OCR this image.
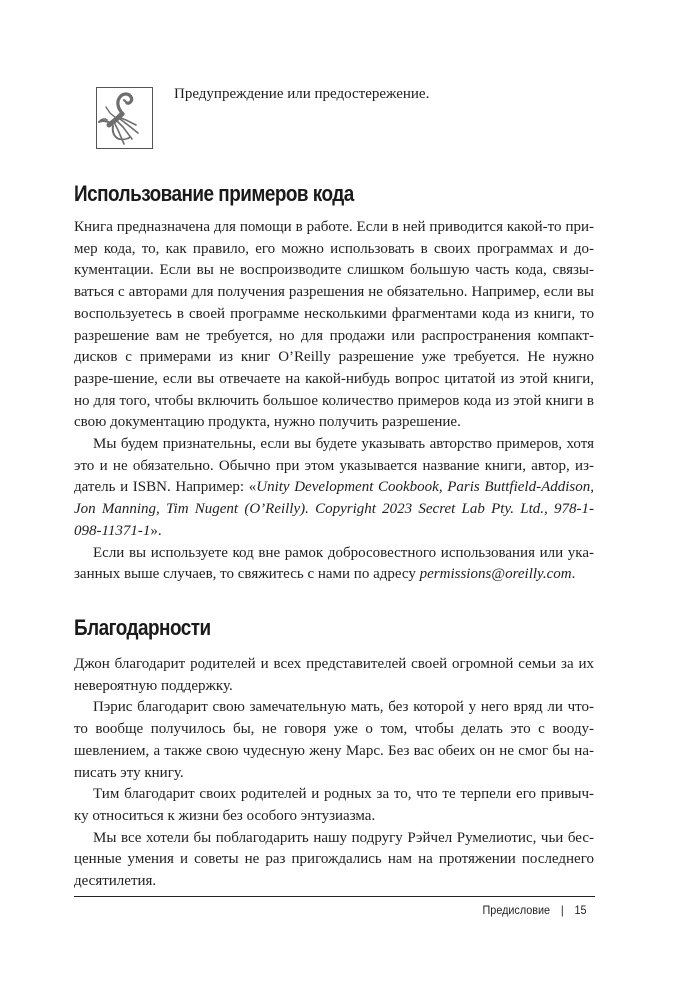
Предупреждение или предостережение.

Использование примеров кода

Книга предназначена для помощи в работе. Если в ней приводится какой-то при-мер кода, то, как правило, его можно использовать в своих программах и до-кументации. Если вы не воспроизводите слишком большую часть кода, связы-ваться с авторами для получения разрешения не обязательно. Например, если вы воспользуетесь в своей программе несколькими фрагментами кода из книги, то разрешение вам не требуется, но для продажи или распространения компакт-дисков с примерами из книг O’Reilly разрешение уже требуется. Не нужно разре-шение, если вы отвечаете на какой-нибудь вопрос цитатой из этой книги, но для того, чтобы включить большое количество примеров кода из этой книги в свою документацию продукта, нужно получить разрешение.

Мы будем признательны, если вы будете указывать авторство примеров, хотя это и не обязательно. Обычно при этом указывается название книги, автор, из-датель и ISBN. Например: «Unity Development Cookbook, Paris Buttfield-Addison, Jon Manning, Tim Nugent (O’Reilly). Copyright 2023 Secret Lab Pty. Ltd., 978-1-098-11371-1».

Если вы используете код вне рамок добросовестного использования или ука-занных выше случаев, то свяжитесь с нами по адресу permissions@oreilly.com.

Благодарности

Джон благодарит родителей и всех представителей своей огромной семьи за их невероятную поддержку.

Пэрис благодарит свою замечательную мать, без которой у него вряд ли что-то вообще получилось бы, не говоря уже о том, чтобы делать это с вооду-шевлением, а также свою чудесную жену Марс. Без вас обеих он не смог бы на-писать эту книгу.

Тим благодарит своих родителей и родных за то, что те терпели его привыч-ку относиться к жизни без особого энтузиазма.

Мы все хотели бы поблагодарить нашу подругу Рэйчел Румелиотис, чьи бес-ценные умения и советы не раз пригождались нам на протяжении последнего десятилетия.

Предисловие | 15
